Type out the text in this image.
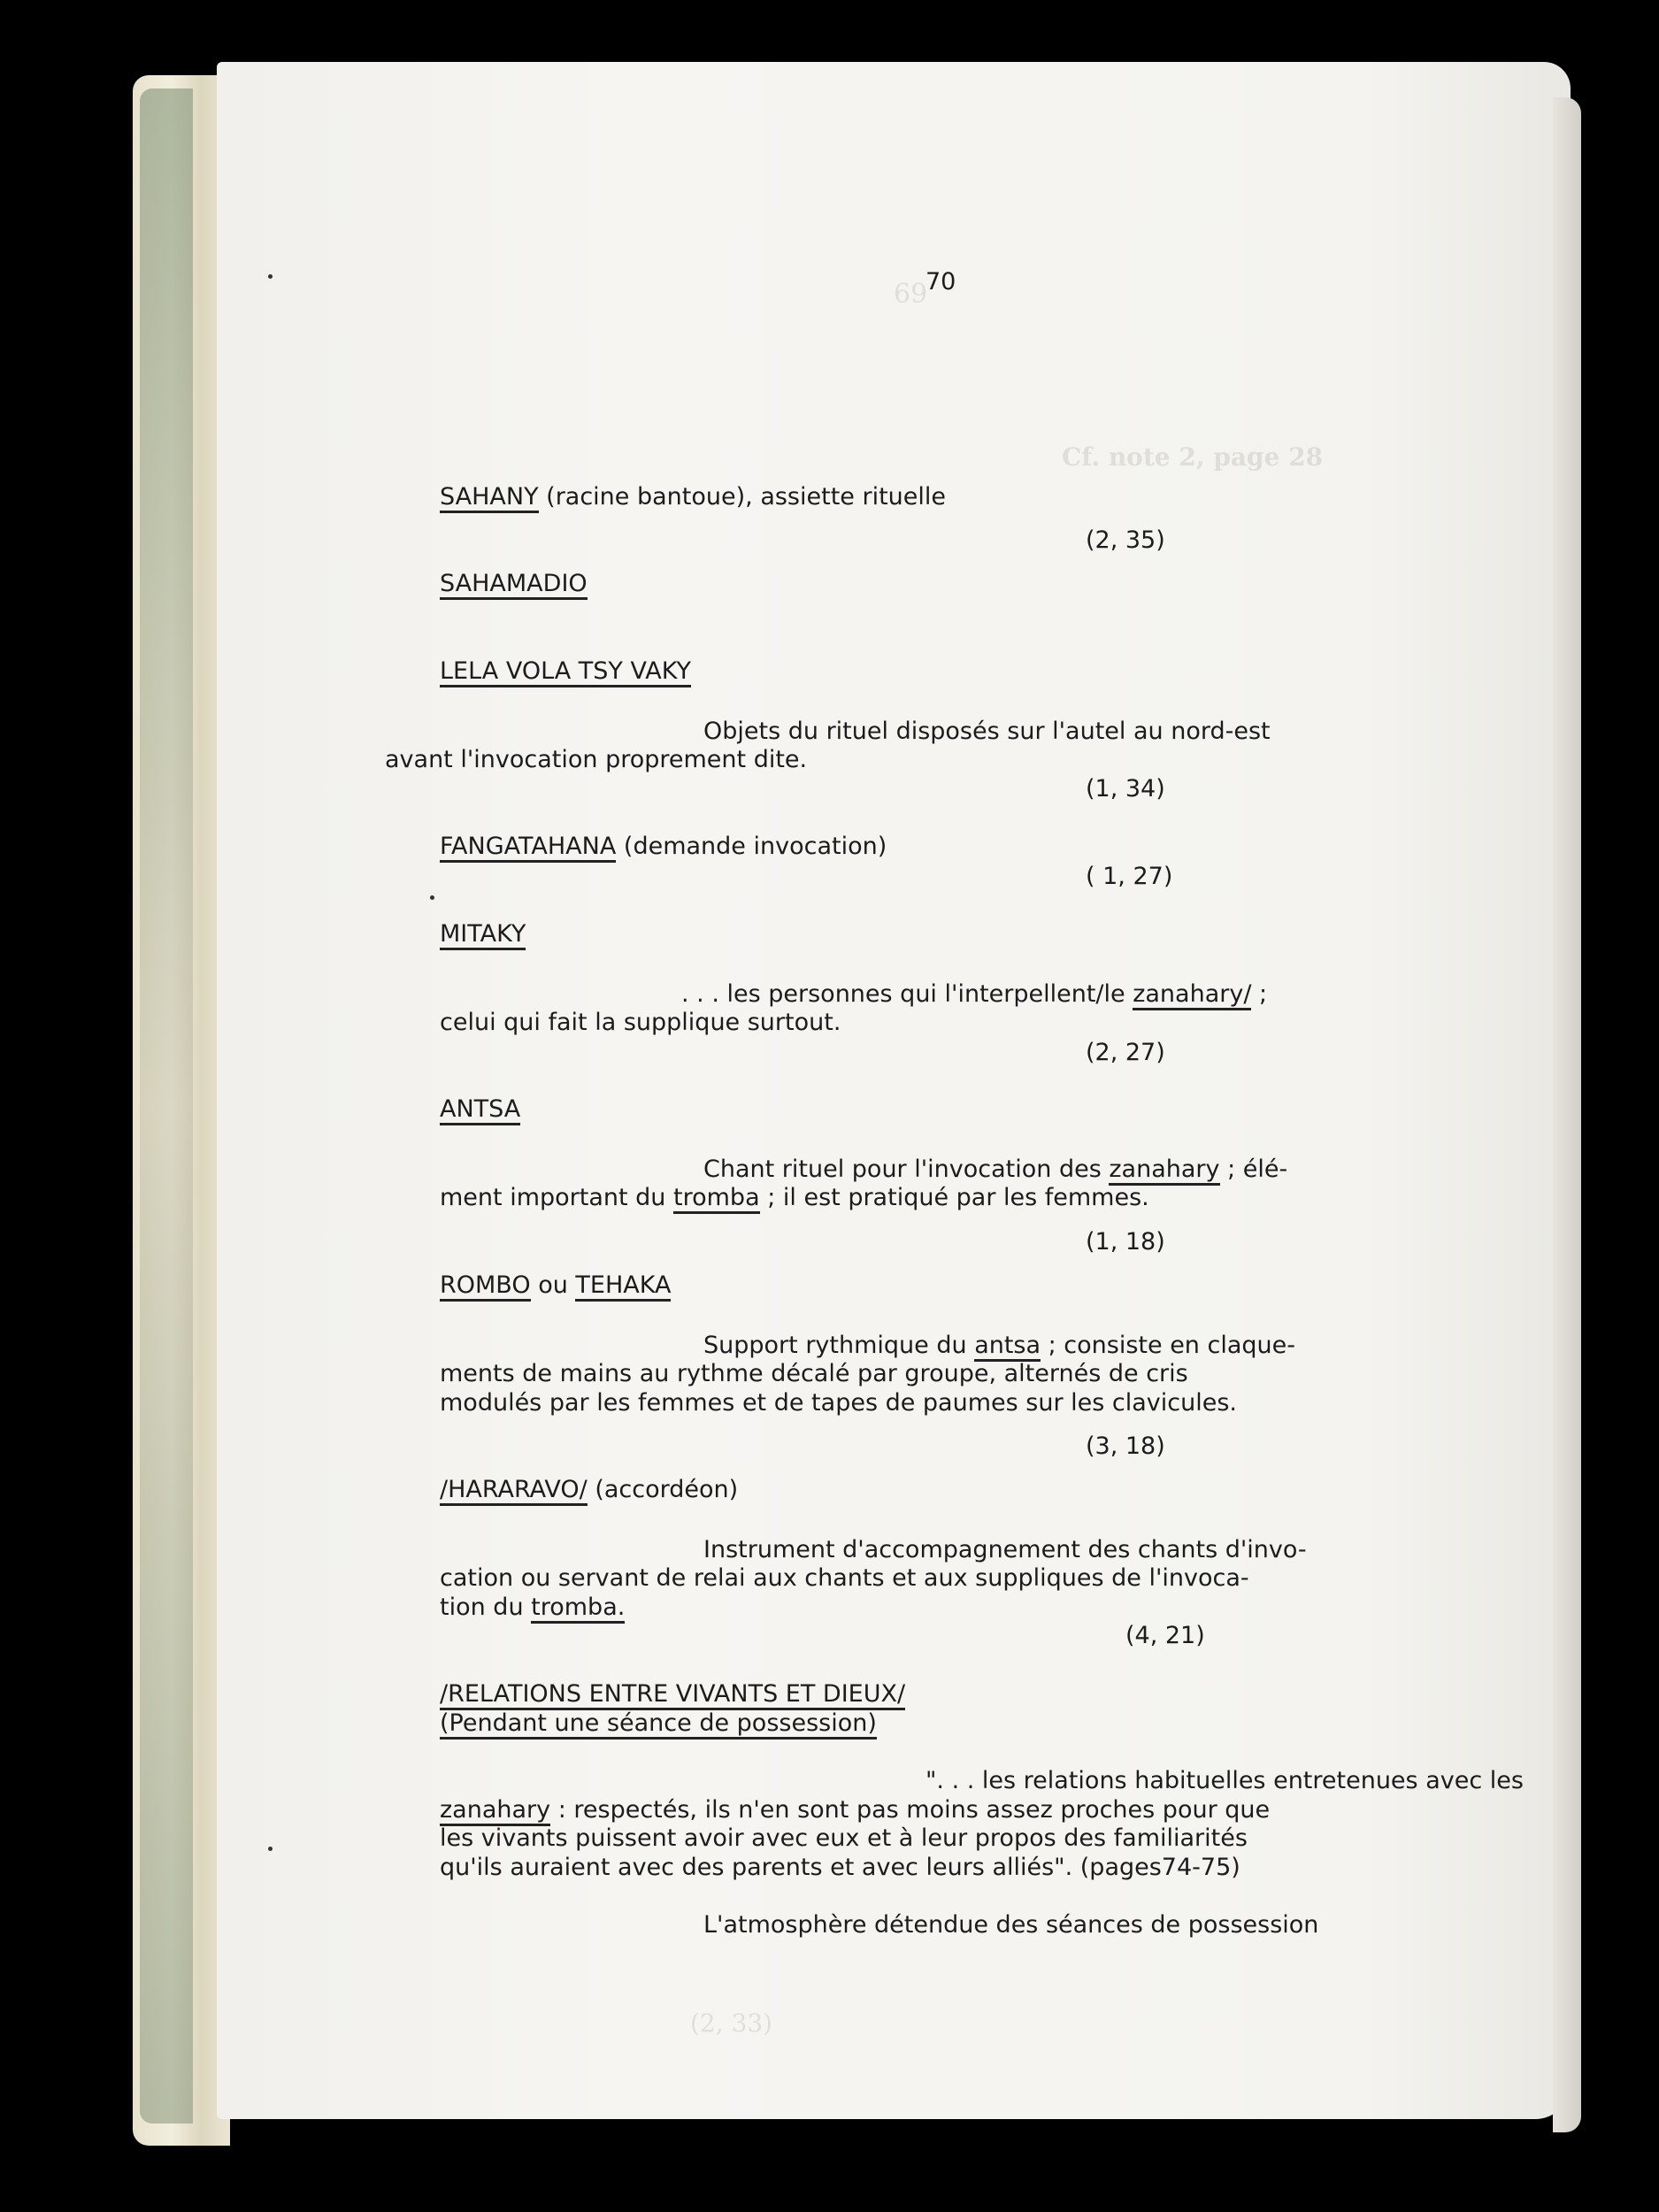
Cf. note 2, page 28
69
(2, 33)
70
SAHANY (racine bantoue), assiette rituelle
(2, 35)
SAHAMADIO
LELA VOLA TSY VAKY
Objets du rituel disposés sur l'autel au nord-est
avant l'invocation proprement dite.
(1, 34)
FANGATAHANA (demande invocation)
( 1, 27)
MITAKY
. . . les personnes qui l'interpellent/le zanahary/ ;
celui qui fait la supplique surtout.
(2, 27)
ANTSA
Chant rituel pour l'invocation des zanahary ; élé-
ment important du tromba ; il est pratiqué par les femmes.
(1, 18)
ROMBO ou TEHAKA
Support rythmique du antsa ; consiste en claque-
ments de mains au rythme décalé par groupe, alternés de cris
modulés par les femmes et de tapes de paumes sur les clavicules.
(3, 18)
/HARARAVO/ (accordéon)
Instrument d'accompagnement des chants d'invo-
cation ou servant de relai aux chants et aux suppliques de l'invoca-
tion du tromba.
(4, 21)
/RELATIONS ENTRE VIVANTS ET DIEUX/
(Pendant une séance de possession)
". . . les relations habituelles entretenues avec les
zanahary : respectés, ils n'en sont pas moins assez proches pour que
les vivants puissent avoir avec eux et à leur propos des familiarités
qu'ils auraient avec des parents et avec leurs alliés". (pages74-75)
L'atmosphère détendue des séances de possession
